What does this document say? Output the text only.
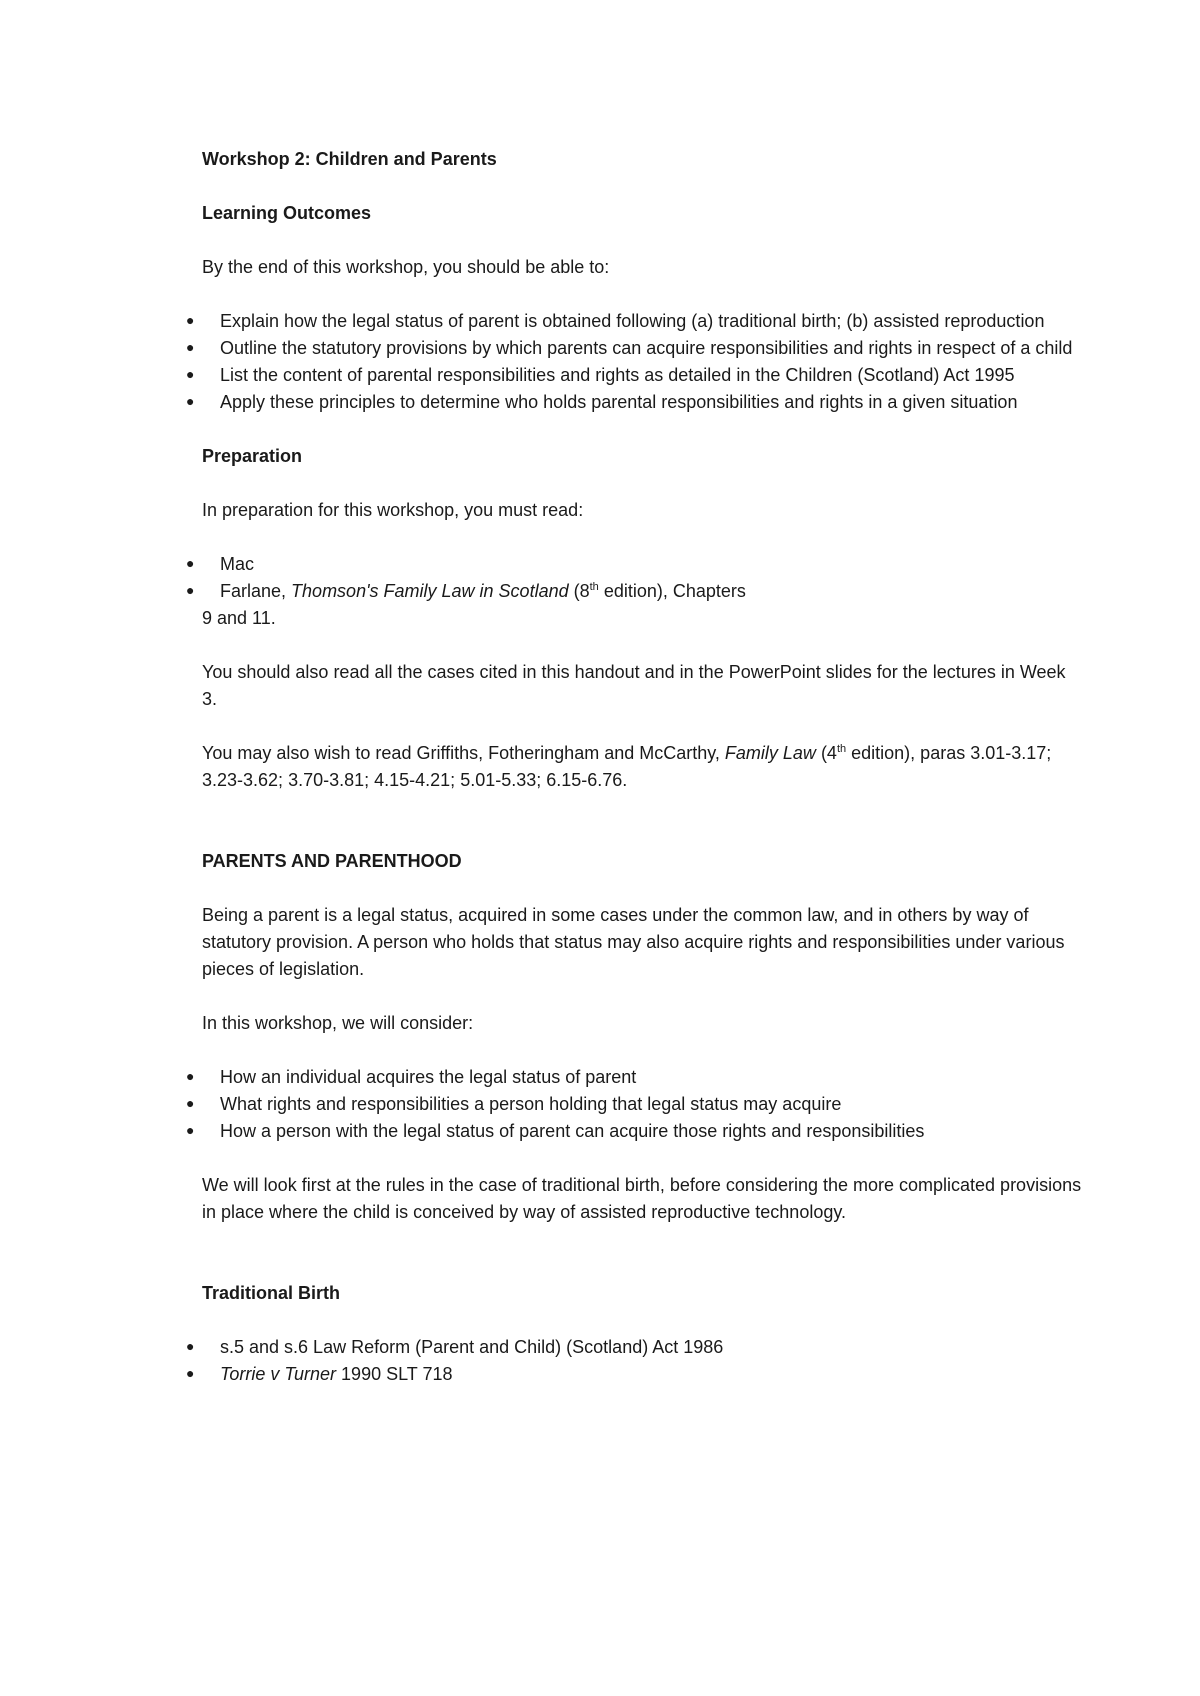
Workshop 2: Children and Parents

Learning Outcomes

By the end of this workshop, you should be able to:

● Explain how the legal status of parent is obtained following (a) traditional birth; (b) assisted reproduction
● Outline the statutory provisions by which parents can acquire responsibilities and rights in respect of a child
● List the content of parental responsibilities and rights as detailed in the Children (Scotland) Act 1995
● Apply these principles to determine who holds parental responsibilities and rights in a given situation

Preparation

In preparation for this workshop, you must read:

● Mac
● Farlane, Thomson's Family Law in Scotland (8th edition), Chapters

9 and 11.

You should also read all the cases cited in this handout and in the PowerPoint slides for the lectures in Week 3.

You may also wish to read Griffiths, Fotheringham and McCarthy, Family Law (4th edition), paras 3.01-3.17; 3.23-3.62; 3.70-3.81; 4.15-4.21; 5.01-5.33; 6.15-6.76.

PARENTS AND PARENTHOOD

Being a parent is a legal status, acquired in some cases under the common law, and in others by way of statutory provision. A person who holds that status may also acquire rights and responsibilities under various pieces of legislation.

In this workshop, we will consider:

● How an individual acquires the legal status of parent
● What rights and responsibilities a person holding that legal status may acquire
● How a person with the legal status of parent can acquire those rights and responsibilities

We will look first at the rules in the case of traditional birth, before considering the more complicated provisions in place where the child is conceived by way of assisted reproductive technology.

Traditional Birth

● s.5 and s.6 Law Reform (Parent and Child) (Scotland) Act 1986
● Torrie v Turner 1990 SLT 718
